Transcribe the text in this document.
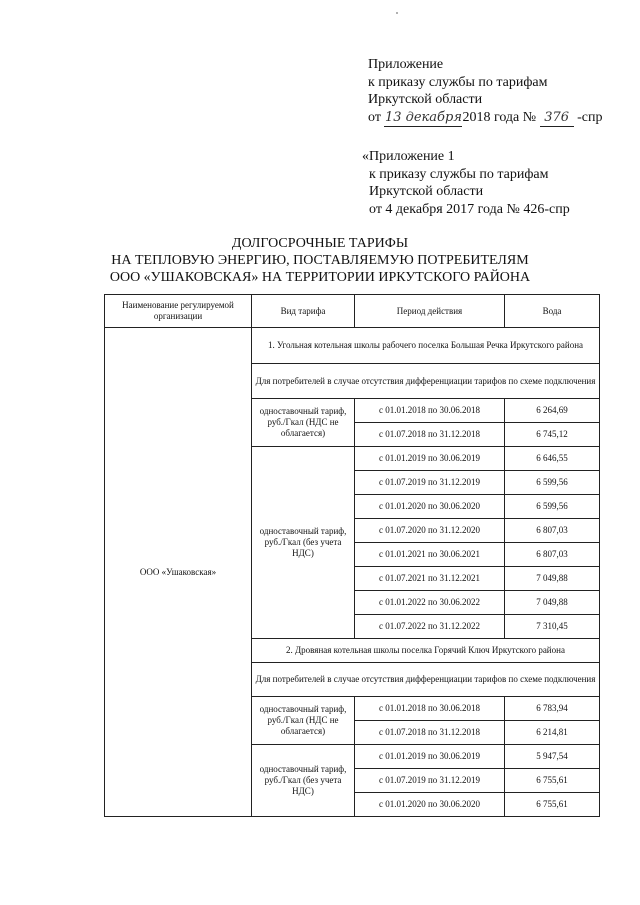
Приложение
к приказу службы по тарифам
Иркутской области
от 13 декабря2018 года № 376 -спр
«Приложение 1
к приказу службы по тарифам
Иркутской области
от 4 декабря 2017 года № 426-спр
ДОЛГОСРОЧНЫЕ ТАРИФЫ
НА ТЕПЛОВУЮ ЭНЕРГИЮ, ПОСТАВЛЯЕМУЮ ПОТРЕБИТЕЛЯМ
ООО «УШАКОВСКАЯ» НА ТЕРРИТОРИИ ИРКУТСКОГО РАЙОНА
Наименование регулируемой организации	Вид тарифа	Период действия	Вода
ООО «Ушаковская»	1. Угольная котельная школы рабочего поселка Большая Речка Иркутского района		
	Для потребителей в случае отсутствия дифференциации тарифов по схеме подключения		
	одноставочный тариф, руб./Гкал (НДС не облагается)	с 01.01.2018 по 30.06.2018	6 264,69
		с 01.07.2018 по 31.12.2018	6 745,12
	одноставочный тариф, руб./Гкал (без учета НДС)	с 01.01.2019 по 30.06.2019	6 646,55
		с 01.07.2019 по 31.12.2019	6 599,56
		с 01.01.2020 по 30.06.2020	6 599,56
		с 01.07.2020 по 31.12.2020	6 807,03
		с 01.01.2021 по 30.06.2021	6 807,03
		с 01.07.2021 по 31.12.2021	7 049,88
		с 01.01.2022 по 30.06.2022	7 049,88
		с 01.07.2022 по 31.12.2022	7 310,45
	2. Дровяная котельная школы поселка Горячий Ключ Иркутского района		
	Для потребителей в случае отсутствия дифференциации тарифов по схеме подключения		
	одноставочный тариф, руб./Гкал (НДС не облагается)	с 01.01.2018 по 30.06.2018	6 783,94
		с 01.07.2018 по 31.12.2018	6 214,81
	одноставочный тариф, руб./Гкал (без учета НДС)	с 01.01.2019 по 30.06.2019	5 947,54
		с 01.07.2019 по 31.12.2019	6 755,61
		с 01.01.2020 по 30.06.2020	6 755,61
